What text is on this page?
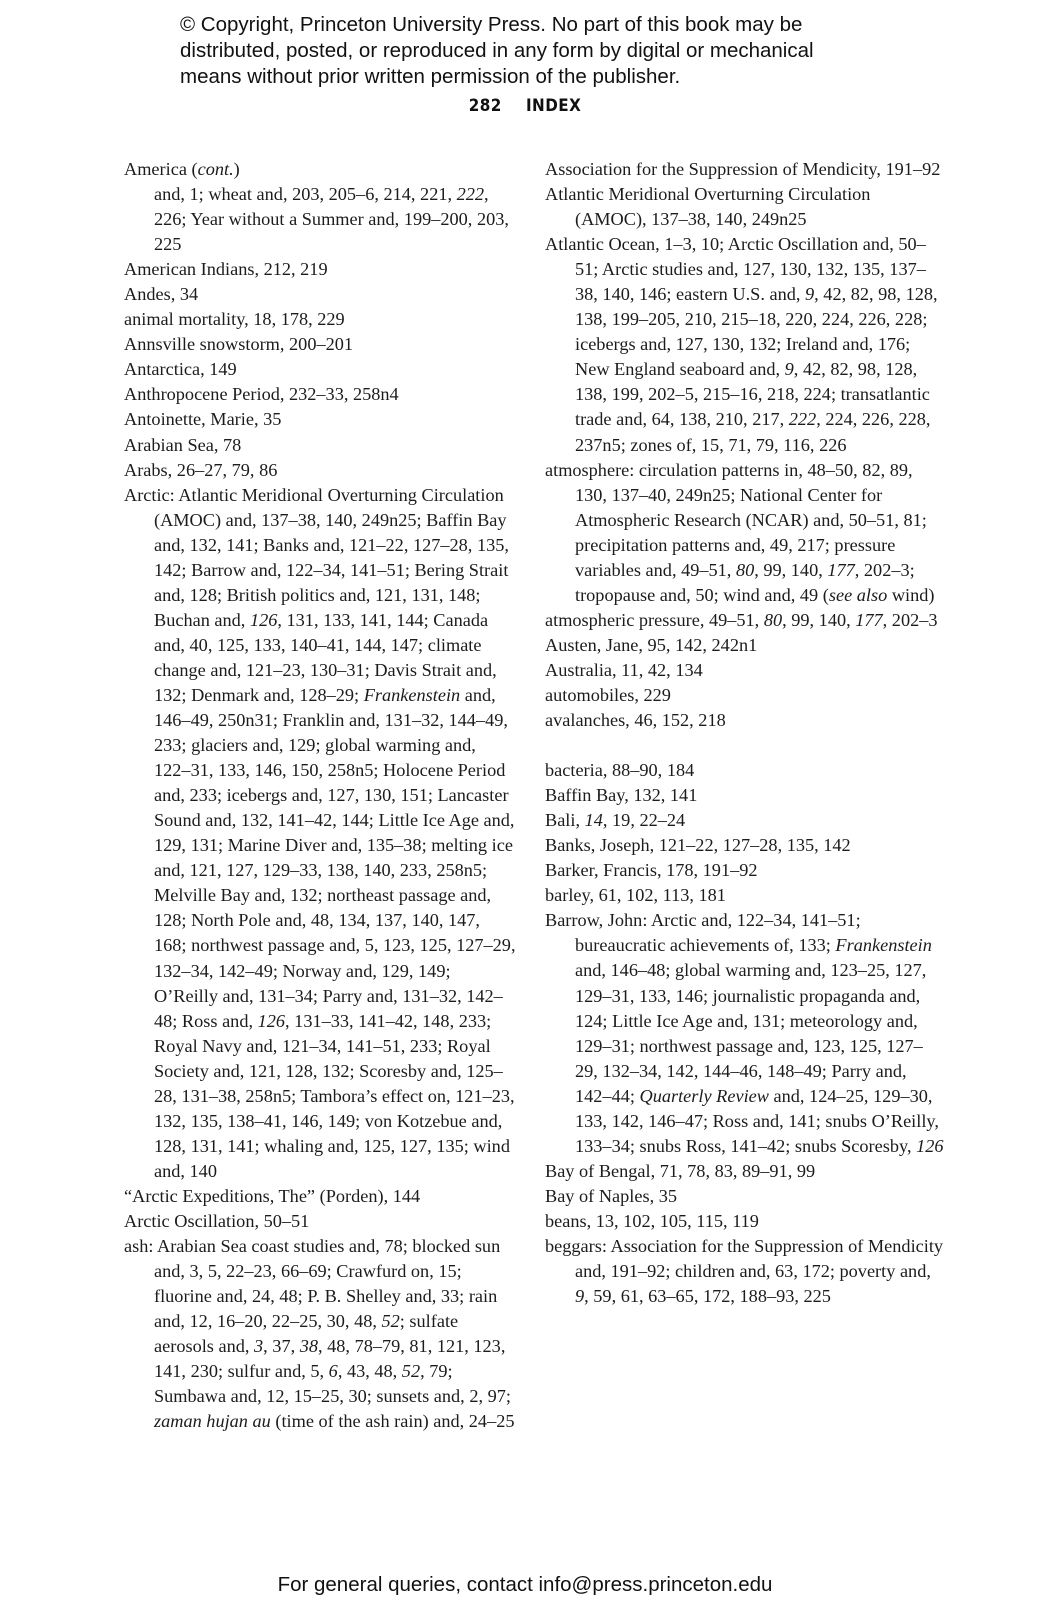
© Copyright, Princeton University Press. No part of this book may be

distributed, posted, or reproduced in any form by digital or mechanical

means without prior written permission of the publisher.

282 INDEX

America (cont.)

and, 1; wheat and, 203, 205–6, 214, 221, 222, 226; Year without a Summer and, 199–200, 203, 225

American Indians, 212, 219

Andes, 34

animal mortality, 18, 178, 229

Annsville snowstorm, 200–201

Antarctica, 149

Anthropocene Period, 232–33, 258n4

Antoinette, Marie, 35

Arabian Sea, 78

Arabs, 26–27, 79, 86

Arctic: Atlantic Meridional Overturning Circulation (AMOC) and, 137–38, 140, 249n25; Baffin Bay and, 132, 141; Banks and, 121–22, 127–28, 135, 142; Barrow and, 122–34, 141–51; Bering Strait and, 128; British politics and, 121, 131, 148; Buchan and, 126, 131, 133, 141, 144; Canada and, 40, 125, 133, 140–41, 144, 147; climate change and, 121–23, 130–31; Davis Strait and, 132; Denmark and, 128–29; Frankenstein and, 146–49, 250n31; Franklin and, 131–32, 144–49, 233; glaciers and, 129; global warming and, 122–31, 133, 146, 150, 258n5; Holocene Period and, 233; icebergs and, 127, 130, 151; Lancaster Sound and, 132, 141–42, 144; Little Ice Age and, 129, 131; Marine Diver and, 135–38; melting ice and, 121, 127, 129–33, 138, 140, 233, 258n5; Melville Bay and, 132; northeast passage and, 128; North Pole and, 48, 134, 137, 140, 147, 168; northwest passage and, 5, 123, 125, 127–29, 132–34, 142–49; Norway and, 129, 149; O’Reilly and, 131–34; Parry and, 131–32, 142–48; Ross and, 126, 131–33, 141–42, 148, 233; Royal Navy and, 121–34, 141–51, 233; Royal Society and, 121, 128, 132; Scoresby and, 125–28, 131–38, 258n5; Tambora’s effect on, 121–23, 132, 135, 138–41, 146, 149; von Kotzebue and, 128, 131, 141; whaling and, 125, 127, 135; wind and, 140

“Arctic Expeditions, The” (Porden), 144

Arctic Oscillation, 50–51

ash: Arabian Sea coast studies and, 78; blocked sun and, 3, 5, 22–23, 66–69; Crawfurd on, 15; fluorine and, 24, 48; P. B. Shelley and, 33; rain and, 12, 16–20, 22–25, 30, 48, 52; sulfate aerosols and, 3, 37, 38, 48, 78–79, 81, 121, 123, 141, 230; sulfur and, 5, 6, 43, 48, 52, 79; Sumbawa and, 12, 15–25, 30; sunsets and, 2, 97; zaman hujan au (time of the ash rain) and, 24–25

Association for the Suppression of Mendicity, 191–92

Atlantic Meridional Overturning Circulation (AMOC), 137–38, 140, 249n25

Atlantic Ocean, 1–3, 10; Arctic Oscillation and, 50–51; Arctic studies and, 127, 130, 132, 135, 137–38, 140, 146; eastern U.S. and, 9, 42, 82, 98, 128, 138, 199–205, 210, 215–18, 220, 224, 226, 228; icebergs and, 127, 130, 132; Ireland and, 176; New England seaboard and, 9, 42, 82, 98, 128, 138, 199, 202–5, 215–16, 218, 224; transatlantic trade and, 64, 138, 210, 217, 222, 224, 226, 228, 237n5; zones of, 15, 71, 79, 116, 226

atmosphere: circulation patterns in, 48–50, 82, 89, 130, 137–40, 249n25; National Center for Atmospheric Research (NCAR) and, 50–51, 81; precipitation patterns and, 49, 217; pressure variables and, 49–51, 80, 99, 140, 177, 202–3; tropopause and, 50; wind and, 49 (see also wind)

atmospheric pressure, 49–51, 80, 99, 140, 177, 202–3

Austen, Jane, 95, 142, 242n1

Australia, 11, 42, 134

automobiles, 229

avalanches, 46, 152, 218

bacteria, 88–90, 184

Baffin Bay, 132, 141

Bali, 14, 19, 22–24

Banks, Joseph, 121–22, 127–28, 135, 142

Barker, Francis, 178, 191–92

barley, 61, 102, 113, 181

Barrow, John: Arctic and, 122–34, 141–51; bureaucratic achievements of, 133; Frankenstein and, 146–48; global warming and, 123–25, 127, 129–31, 133, 146; journalistic propaganda and, 124; Little Ice Age and, 131; meteorology and, 129–31; northwest passage and, 123, 125, 127–29, 132–34, 142, 144–46, 148–49; Parry and, 142–44; Quarterly Review and, 124–25, 129–30, 133, 142, 146–47; Ross and, 141; snubs O’Reilly, 133–34; snubs Ross, 141–42; snubs Scoresby, 126

Bay of Bengal, 71, 78, 83, 89–91, 99

Bay of Naples, 35

beans, 13, 102, 105, 115, 119

beggars: Association for the Suppression of Mendicity and, 191–92; children and, 63, 172; poverty and, 9, 59, 61, 63–65, 172, 188–93, 225

For general queries, contact info@press.princeton.edu
